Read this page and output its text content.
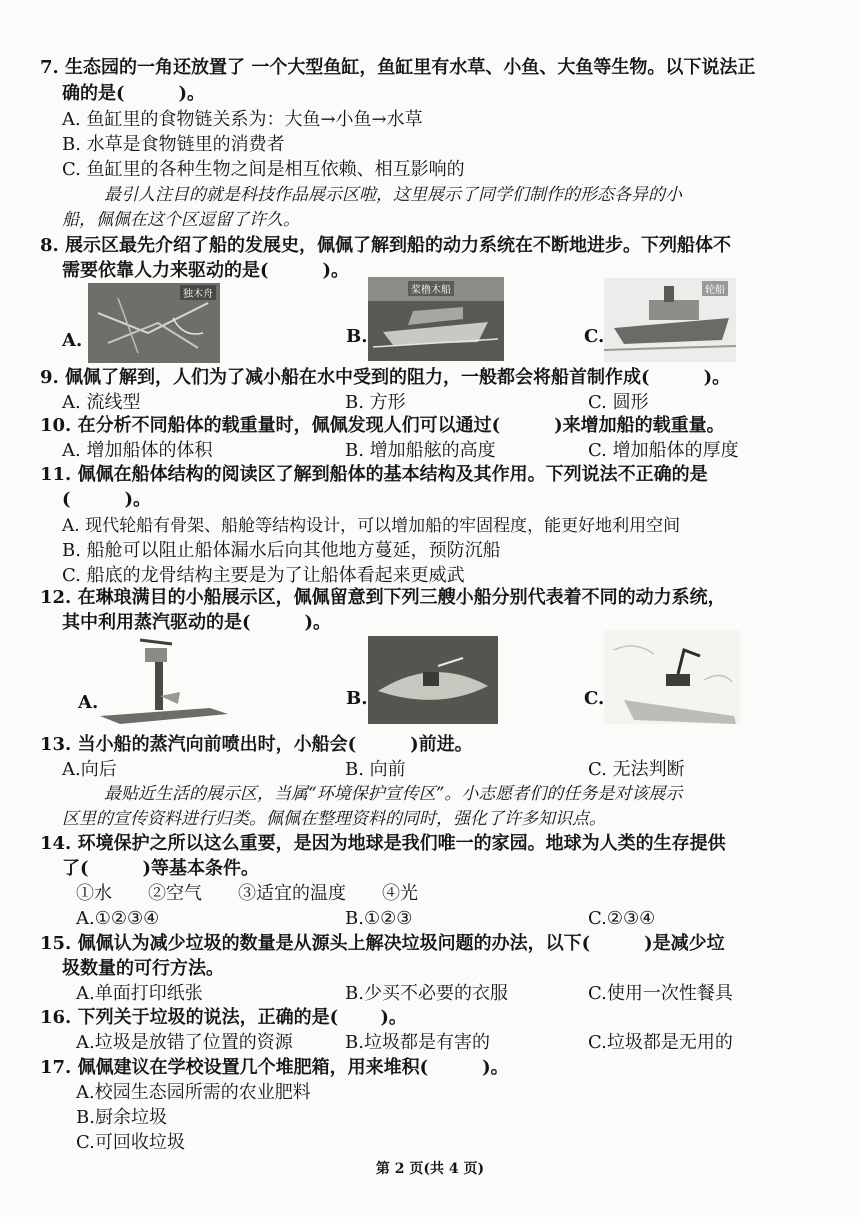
7. 生态园的一角还放置了 一个大型鱼缸，鱼缸里有水草、小鱼、大鱼等生物。以下说法正
确的是(　　　)。
A. 鱼缸里的食物链关系为：大鱼→小鱼→水草
B. 水草是食物链里的消费者
C. 鱼缸里的各种生物之间是相互依赖、相互影响的
最引人注目的就是科技作品展示区啦，这里展示了同学们制作的形态各异的小
船，佩佩在这个区逗留了许久。
8. 展示区最先介绍了船的发展史，佩佩了解到船的动力系统在不断地进步。下列船体不
需要依靠人力来驱动的是(　　　)。
A.
独木舟
B.
桨橹木船
C.
轮船
9. 佩佩了解到，人们为了减小船在水中受到的阻力，一般都会将船首制作成(　　　)。
A. 流线型	B. 方形	C. 圆形
10. 在分析不同船体的载重量时，佩佩发现人们可以通过(　　　)来增加船的载重量。
A. 增加船体的体积	B. 增加船舷的高度	C. 增加船体的厚度
11. 佩佩在船体结构的阅读区了解到船体的基本结构及其作用。下列说法不正确的是
(　　　)。
A. 现代轮船有骨架、船舱等结构设计，可以增加船的牢固程度，能更好地利用空间
B. 船舱可以阻止船体漏水后向其他地方蔓延，预防沉船
C. 船底的龙骨结构主要是为了让船体看起来更威武
12. 在琳琅满目的小船展示区，佩佩留意到下列三艘小船分别代表着不同的动力系统，
其中利用蒸汽驱动的是(　　　)。
A.	B.	C.
13. 当小船的蒸汽向前喷出时，小船会(　　　)前进。
A.向后	B. 向前	C. 无法判断
最贴近生活的展示区，当属“环境保护宣传区”。小志愿者们的任务是对该展示
区里的宣传资料进行归类。佩佩在整理资料的同时，强化了许多知识点。
14. 环境保护之所以这么重要，是因为地球是我们唯一的家园。地球为人类的生存提供
了(　　　)等基本条件。
①水　　②空气　　③适宜的温度　　④光
A.①②③④	B.①②③	C.②③④
15. 佩佩认为减少垃圾的数量是从源头上解决垃圾问题的办法，以下(　　　)是减少垃
圾数量的可行方法。
A.单面打印纸张	B.少买不必要的衣服	C.使用一次性餐具
16. 下列关于垃圾的说法，正确的是(　　 )。
A.垃圾是放错了位置的资源	B.垃圾都是有害的	C.垃圾都是无用的
17. 佩佩建议在学校设置几个堆肥箱，用来堆积(　　　)。
A.校园生态园所需的农业肥料
B.厨余垃圾
C.可回收垃圾
第 2 页(共 4 页)
